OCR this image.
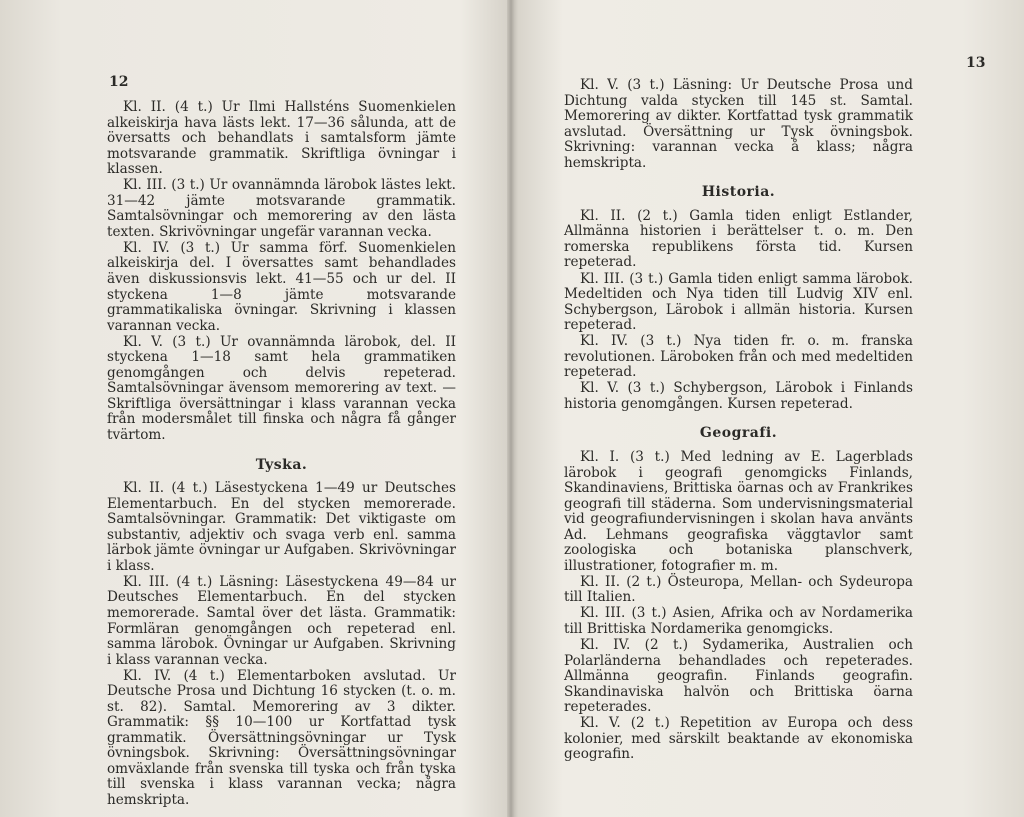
12

Kl. II. (4 t.) Ur Ilmi Hallsténs Suomenkielen alkeiskirja hava lästs lekt. 17—36 sålunda, att de översatts och behandlats i samtalsform jämte motsvarande grammatik. Skriftliga övningar i klassen.

Kl. III. (3 t.) Ur ovannämnda lärobok lästes lekt. 31—42 jämte motsvarande grammatik. Samtalsövningar och memorering av den lästa texten. Skrivövningar ungefär varannan vecka.

Kl. IV. (3 t.) Ur samma förf. Suomenkielen alkeiskirja del. I översattes samt behandlades även diskussionsvis lekt. 41—55 och ur del. II styckena 1—8 jämte motsvarande grammatikaliska övningar. Skrivning i klassen varannan vecka.

Kl. V. (3 t.) Ur ovannämnda lärobok, del. II styckena 1—18 samt hela grammatiken genomgången och delvis repeterad. Samtalsövningar ävensom memorering av text. — Skriftliga översättningar i klass varannan vecka från modersmålet till finska och några få gånger tvärtom.

Tyska.

Kl. II. (4 t.) Läsestyckena 1—49 ur Deutsches Elementarbuch. En del stycken memorerade. Samtalsövningar. Grammatik: Det viktigaste om substantiv, adjektiv och svaga verb enl. samma lärbok jämte övningar ur Aufgaben. Skrivövningar i klass.

Kl. III. (4 t.) Läsning: Läsestyckena 49—84 ur Deutsches Elementarbuch. En del stycken memorerade. Samtal över det lästa. Grammatik: Formläran genomgången och repeterad enl. samma lärobok. Övningar ur Aufgaben. Skrivning i klass varannan vecka.

Kl. IV. (4 t.) Elementarboken avslutad. Ur Deutsche Prosa und Dichtung 16 stycken (t. o. m. st. 82). Samtal. Memorering av 3 dikter. Grammatik: §§ 10—100 ur Kortfattad tysk grammatik. Översättningsövningar ur Tysk övningsbok. Skrivning: Översättningsövningar omväxlande från svenska till tyska och från tyska till svenska i klass varannan vecka; några hemskripta.

13

Kl. V. (3 t.) Läsning: Ur Deutsche Prosa und Dichtung valda stycken till 145 st. Samtal. Memorering av dikter. Kortfattad tysk grammatik avslutad. Översättning ur Tysk övningsbok. Skrivning: varannan vecka å klass; några hemskripta.

Historia.

Kl. II. (2 t.) Gamla tiden enligt Estlander, Allmänna historien i berättelser t. o. m. Den romerska republikens första tid. Kursen repeterad.

Kl. III. (3 t.) Gamla tiden enligt samma lärobok. Medeltiden och Nya tiden till Ludvig XIV enl. Schybergson, Lärobok i allmän historia. Kursen repeterad.

Kl. IV. (3 t.) Nya tiden fr. o. m. franska revolutionen. Läroboken från och med medeltiden repeterad.

Kl. V. (3 t.) Schybergson, Lärobok i Finlands historia genomgången. Kursen repeterad.

Geografi.

Kl. I. (3 t.) Med ledning av E. Lagerblads lärobok i geografi genomgicks Finlands, Skandinaviens, Brittiska öarnas och av Frankrikes geografi till städerna. Som undervisningsmaterial vid geografiundervisningen i skolan hava använts Ad. Lehmans geografiska väggtavlor samt zoologiska och botaniska planschverk, illustrationer, fotografier m. m.

Kl. II. (2 t.) Östeuropa, Mellan- och Sydeuropa till Italien.

Kl. III. (3 t.) Asien, Afrika och av Nordamerika till Brittiska Nordamerika genomgicks.

Kl. IV. (2 t.) Sydamerika, Australien och Polarländerna behandlades och repeterades. Allmänna geografin. Finlands geografin. Skandinaviska halvön och Brittiska öarna repeterades.

Kl. V. (2 t.) Repetition av Europa och dess kolonier, med särskilt beaktande av ekonomiska geografin.
